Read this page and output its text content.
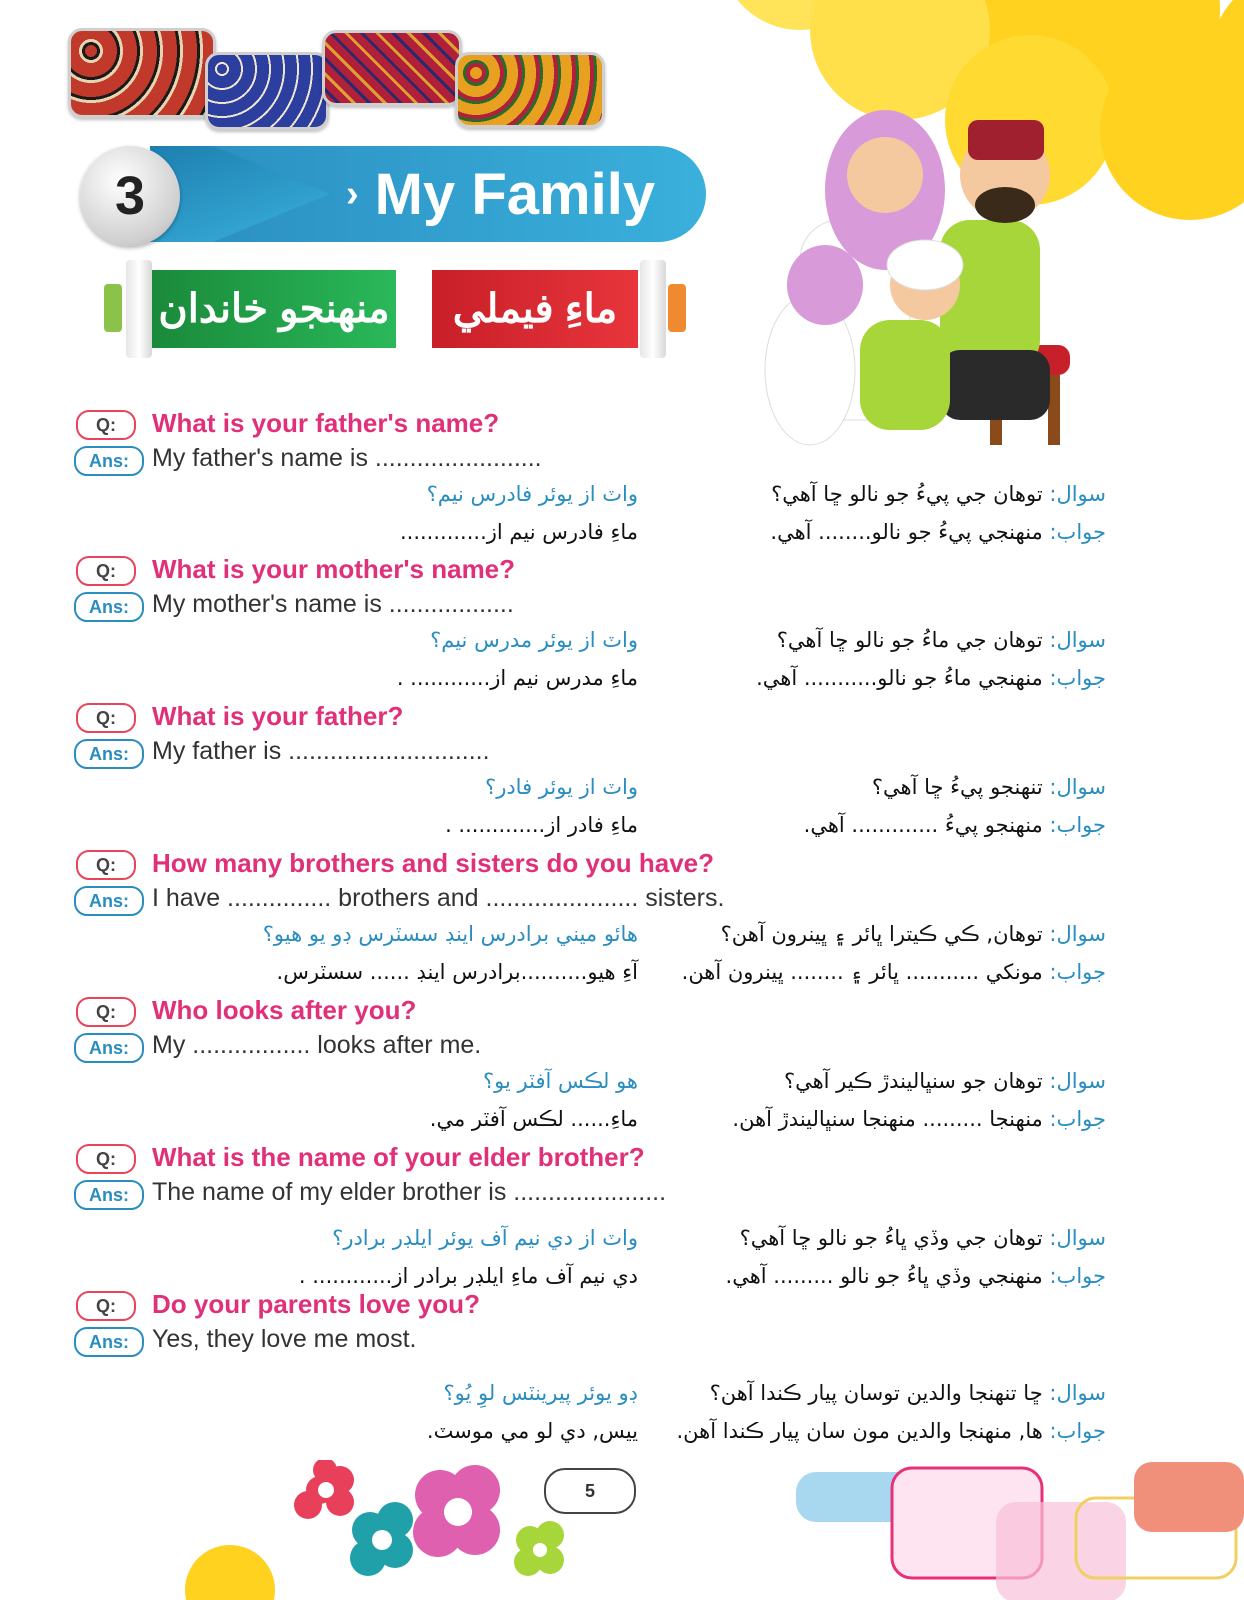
3	› My Family
منهنجو خاندان	ماءِ فيملي
Q:	What is your father's name?
Ans: My father's name is ........................
واٽ از يوئر فادرس نيم؟
ماءِ فادرس نيم از.............
سوال: توهان جي پيءُ جو نالو ڇا آهي؟
جواب: منهنجي پيءُ جو نالو........ آهي.
Q:	What is your mother's name?
Ans: My mother's name is ..................
واٽ از يوئر مدرس نيم؟
ماءِ مدرس نيم از............ .
سوال: توهان جي ماءُ جو نالو ڇا آهي؟
جواب: منهنجي ماءُ جو نالو........... آهي.
Q:	What is your father?
Ans: My father is .............................
واٽ از يوئر فادر؟
ماءِ فادر از............. .
سوال: تنهنجو پيءُ ڇا آهي؟
جواب: منهنجو پيءُ ............. آهي.
Q:	How many brothers and sisters do you have?
Ans: I have ............... brothers and ...................... sisters.
هائو ميني برادرس اينڊ سسٽرس ڊو يو هيو؟
آءِ هيو..........برادرس اينڊ ...... سسٽرس.
سوال: توهان, ڪي ڪيترا ڀائر ۽ ڀينرون آهن؟
جواب: مونکي ........... ڀائر ۽ ........ ڀينرون آهن.
Q:	Who looks after you?
Ans: My ................. looks after me.
هو لڪس آفٽر يو؟
ماءِ...... لڪس آفٽر مي.
سوال: توهان جو سنڀاليندڙ ڪير آهي؟
جواب: منهنجا ......... منهنجا سنڀاليندڙ آهن.
Q:	What is the name of your elder brother?
Ans: The name of my elder brother is ......................
واٽ از دي نيم آف يوئر ايلڊر برادر؟
دي نيم آف ماءِ ايلڊر برادر از............ .
سوال: توهان جي وڏي ڀاءُ جو نالو ڇا آهي؟
جواب: منهنجي وڏي ڀاءُ جو نالو ......... آهي.
Q:	Do your parents love you?
Ans: Yes, they love me most.
ڊو يوئر پيرينٽس لوِ يُو؟
ييس, دي لو مي موسٽ.
سوال: ڇا تنهنجا والدين توسان پيار ڪندا آهن؟
جواب: ها, منهنجا والدين مون سان پيار ڪندا آهن.
5
